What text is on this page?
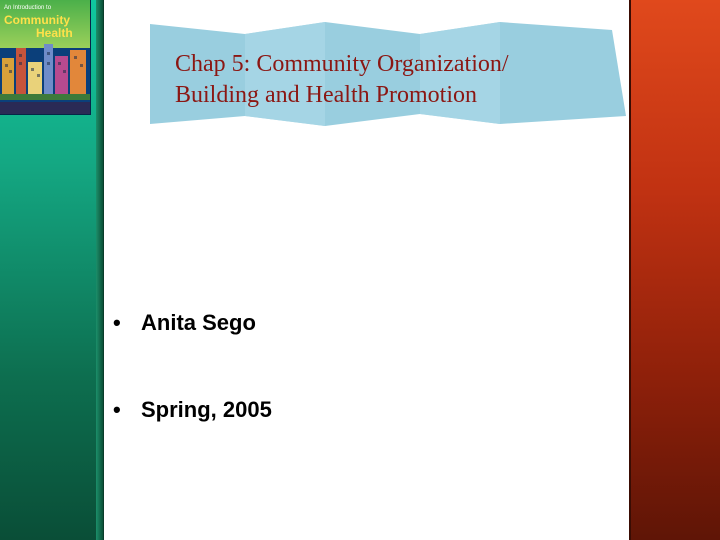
An Introduction to
Community
Health
Chap 5: Community Organization/
Building and Health Promotion
• Anita Sego
• Spring, 2005
